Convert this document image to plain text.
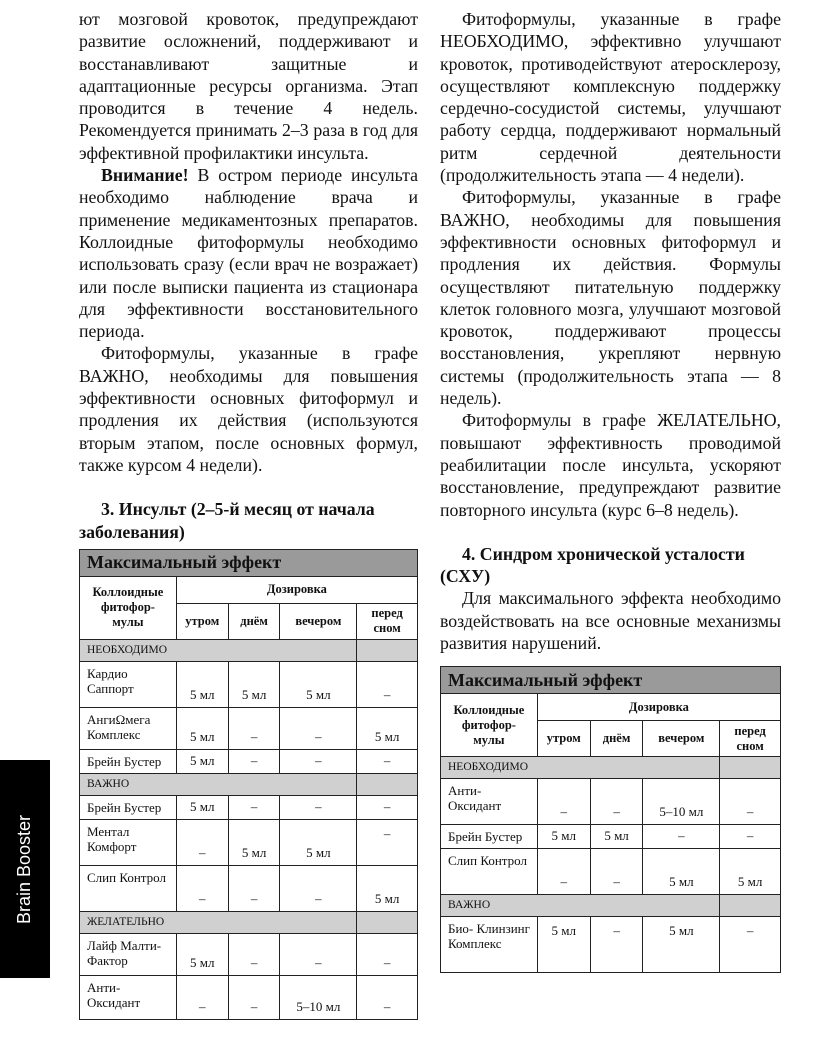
Brain Booster

ют мозговой кровоток, предупреждают развитие осложнений, поддерживают и восстанавливают защитные и адаптационные ресурсы организма. Этап проводится в течение 4 недель. Рекомендуется принимать 2–3 раза в год для эффективной профилактики инсульта.

Внимание! В остром периоде инсульта необходимо наблюдение врача и применение медикаментозных препаратов. Коллоидные фитоформулы необходимо использовать сразу (если врач не возражает) или после выписки пациента из стационара для эффективности восстановительного периода.

Фитоформулы, указанные в графе ВАЖНО, необходимы для повышения эффективности основных фитоформул и продления их действия (используются вторым этапом, после основных формул, также курсом 4 недели).

3. Инсульт (2–5-й месяц от начала заболевания)
Максимальный эффект				
Коллоидные фитофор- мулы	Дозировка			
	утром	днём	вечером	перед сном
НЕОБХОДИМО				
Кардио Саппорт	5 мл	5 мл	5 мл	–
АнгиΩмега Комплекс	5 мл	–	–	5 мл
Брейн Бустер	5 мл	–	–	–
ВАЖНО				
Брейн Бустер	5 мл	–	–	–
Ментал Комфорт	–	5 мл	5 мл	–
Слип Контрол	–	–	–	5 мл
ЖЕЛАТЕЛЬНО				
Лайф Малти-Фактор	5 мл	–	–	–
Анти- Оксидант	–	–	5–10 мл	–

Фитоформулы, указанные в графе НЕОБХОДИМО, эффективно улучшают кровоток, противодействуют атеросклерозу, осуществляют комплексную поддержку сердечно-сосудистой системы, улучшают работу сердца, поддерживают нормальный ритм сердечной деятельности (продолжительность этапа — 4 недели).

Фитоформулы, указанные в графе ВАЖНО, необходимы для повышения эффективности основных фитоформул и продления их действия. Формулы осуществляют питательную поддержку клеток головного мозга, улучшают мозговой кровоток, поддерживают процессы восстановления, укрепляют нервную системы (продолжительность этапа — 8 недель).

Фитоформулы в графе ЖЕЛАТЕЛЬНО, повышают эффективность проводимой реабилитации после инсульта, ускоряют восстановление, предупреждают развитие повторного инсульта (курс 6–8 недель).

4. Синдром хронической усталости (СХУ)

Для максимального эффекта необходимо воздействовать на все основные механизмы развития нарушений.

Максимальный эффект				
Коллоидные фитофор- мулы	Дозировка			
	утром	днём	вечером	перед сном
НЕОБХОДИМО				
Анти- Оксидант	–	–	5–10 мл	–
Брейн Бустер	5 мл	5 мл	–	–
Слип Контрол	–	–	5 мл	5 мл
ВАЖНО				
Био- Клинзинг Комплекс	5 мл	–	5 мл	–
